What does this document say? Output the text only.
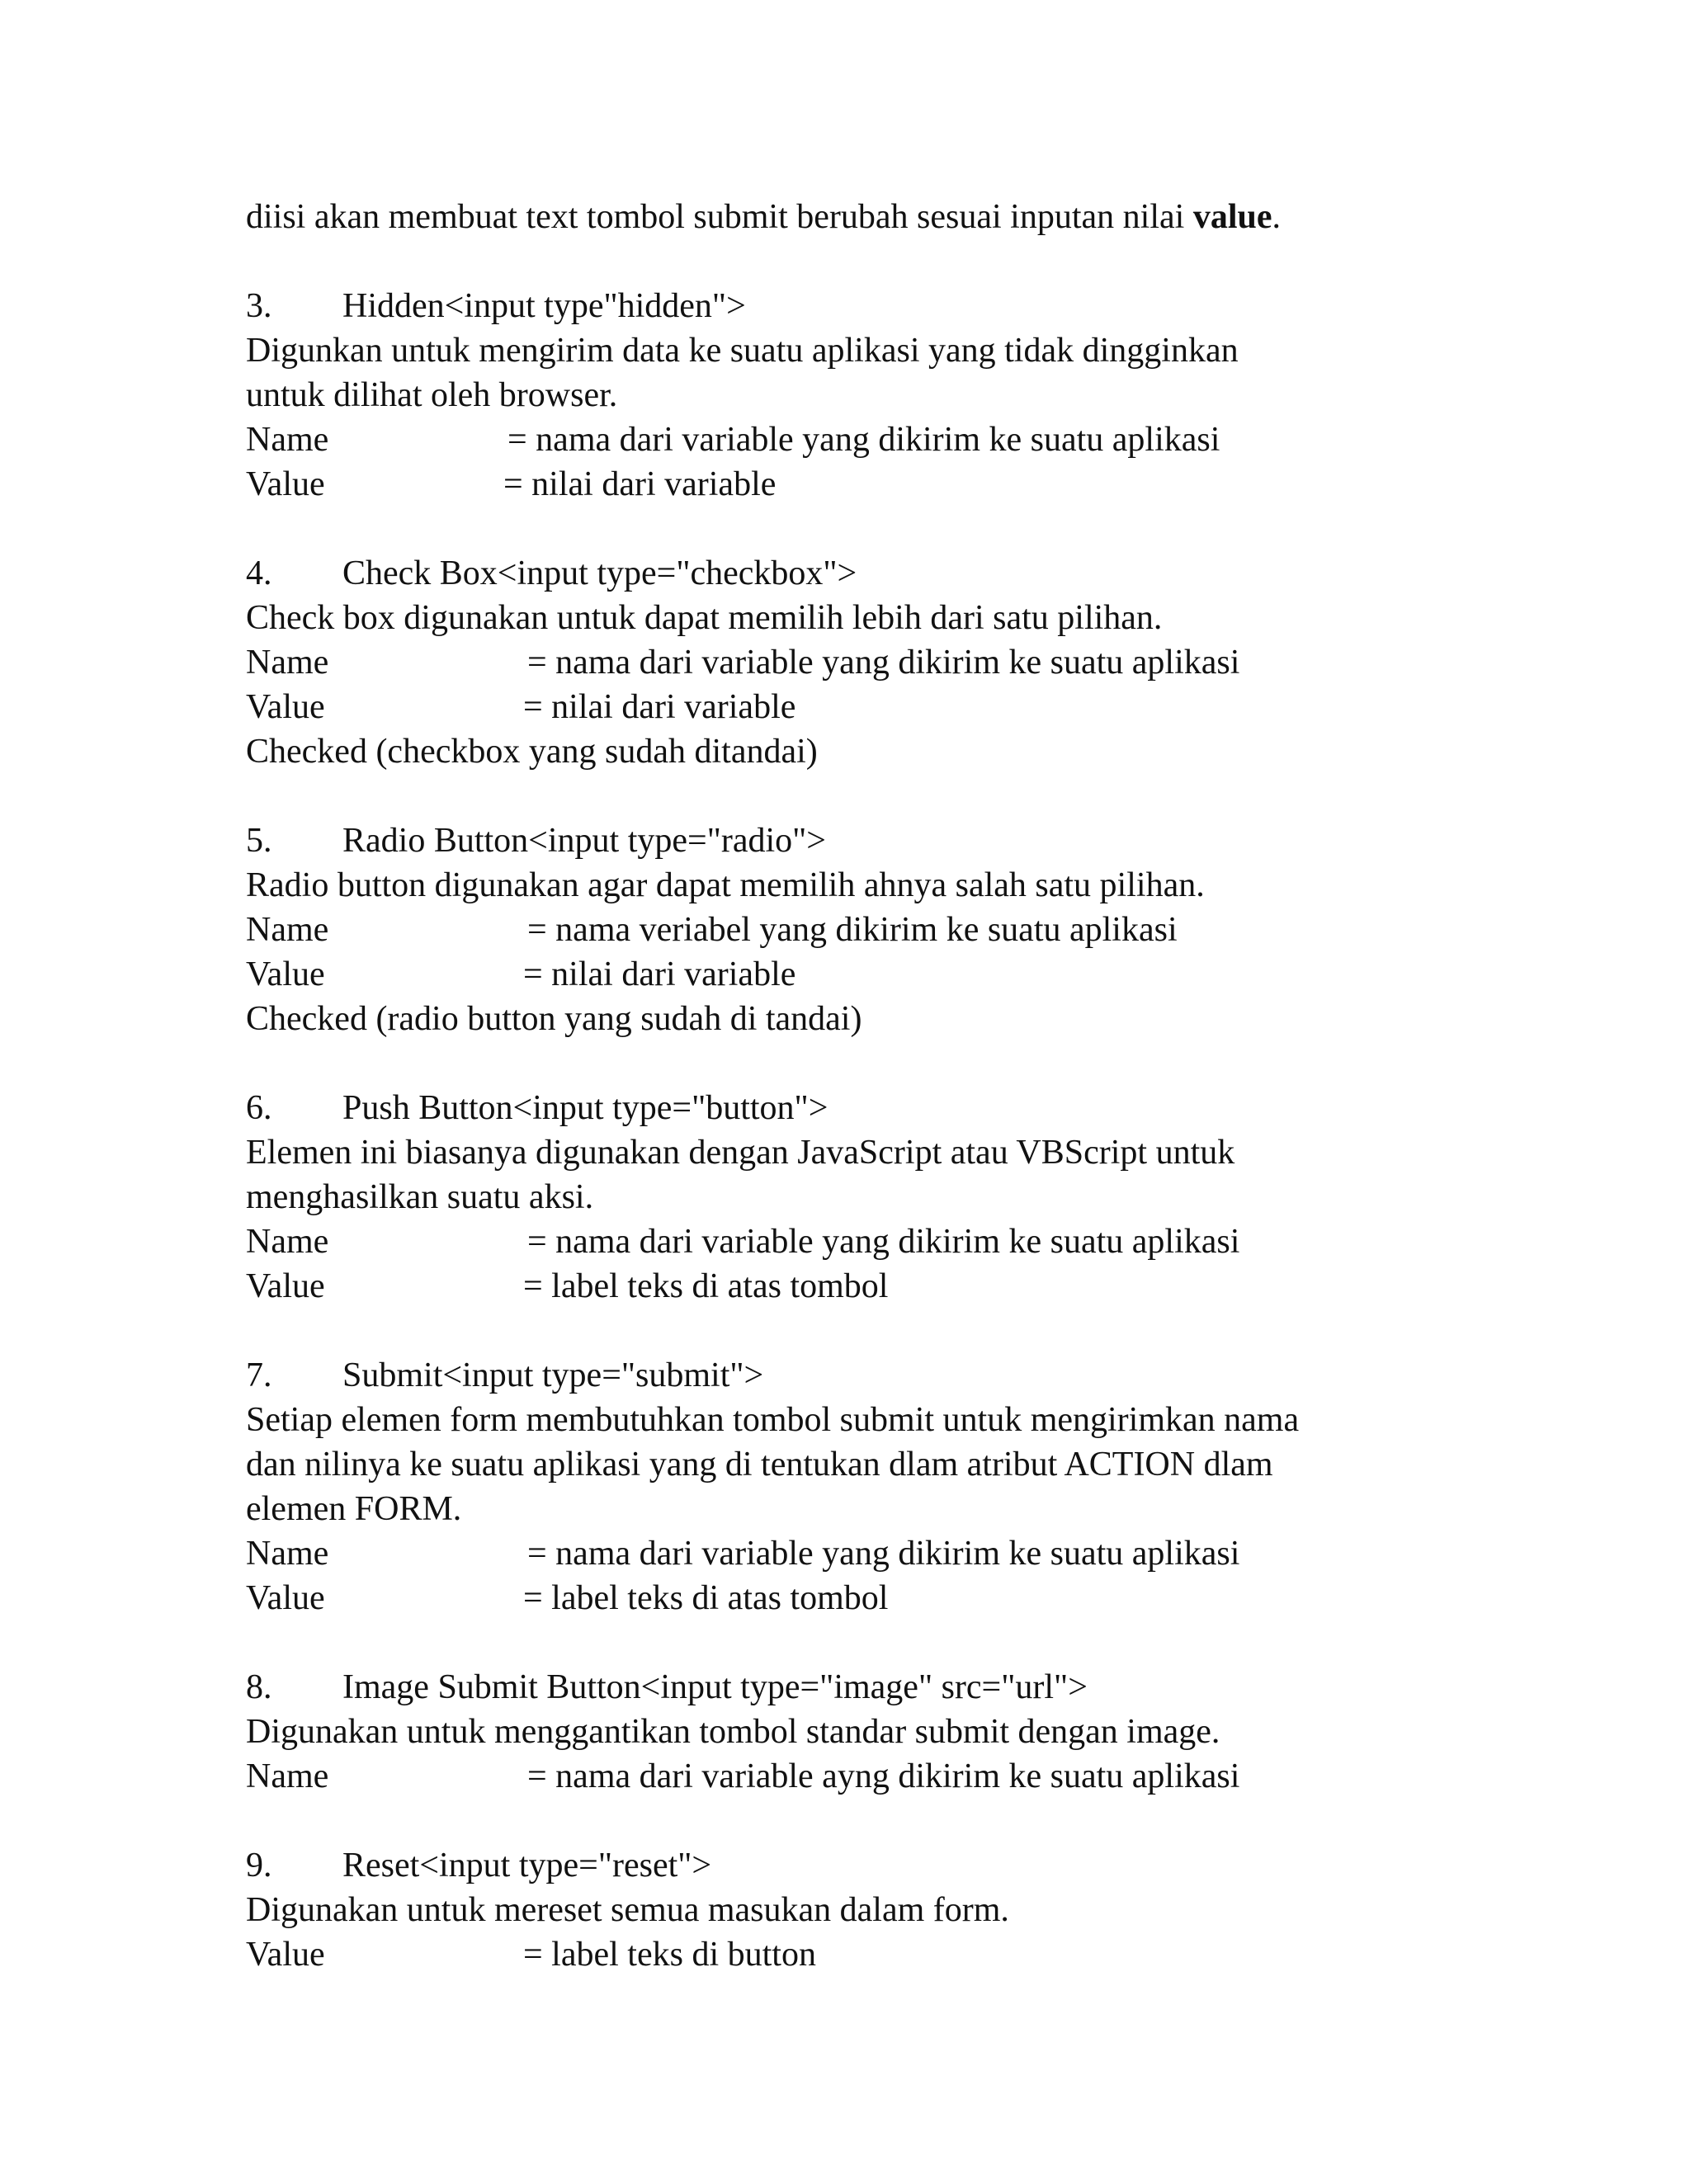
diisi akan membuat text tombol submit berubah sesuai inputan nilai value.
3. Hidden<input type"hidden">
Digunkan untuk mengirim data ke suatu aplikasi yang tidak dingginkan
untuk dilihat oleh browser.
Name	= nama dari variable yang dikirim ke suatu aplikasi
Value	= nilai dari variable
4. Check Box<input type="checkbox">
Check box digunakan untuk dapat memilih lebih dari satu pilihan.
Name	= nama dari variable yang dikirim ke suatu aplikasi
Value	= nilai dari variable
Checked (checkbox yang sudah ditandai)
5. Radio Button<input type="radio">
Radio button digunakan agar dapat memilih ahnya salah satu pilihan.
Name	= nama veriabel yang dikirim ke suatu aplikasi
Value	= nilai dari variable
Checked (radio button yang sudah di tandai)
6. Push Button<input type="button">
Elemen ini biasanya digunakan dengan JavaScript atau VBScript untuk
menghasilkan suatu aksi.
Name	= nama dari variable yang dikirim ke suatu aplikasi
Value	= label teks di atas tombol
7. Submit<input type="submit">
Setiap elemen form membutuhkan tombol submit untuk mengirimkan nama
dan nilinya ke suatu aplikasi yang di tentukan dlam atribut ACTION dlam
elemen FORM.
Name	= nama dari variable yang dikirim ke suatu aplikasi
Value	= label teks di atas tombol
8. Image Submit Button<input type="image" src="url">
Digunakan untuk menggantikan tombol standar submit dengan image.
Name	= nama dari variable ayng dikirim ke suatu aplikasi
9. Reset<input type="reset">
Digunakan untuk mereset semua masukan dalam form.
Value	= label teks di button
